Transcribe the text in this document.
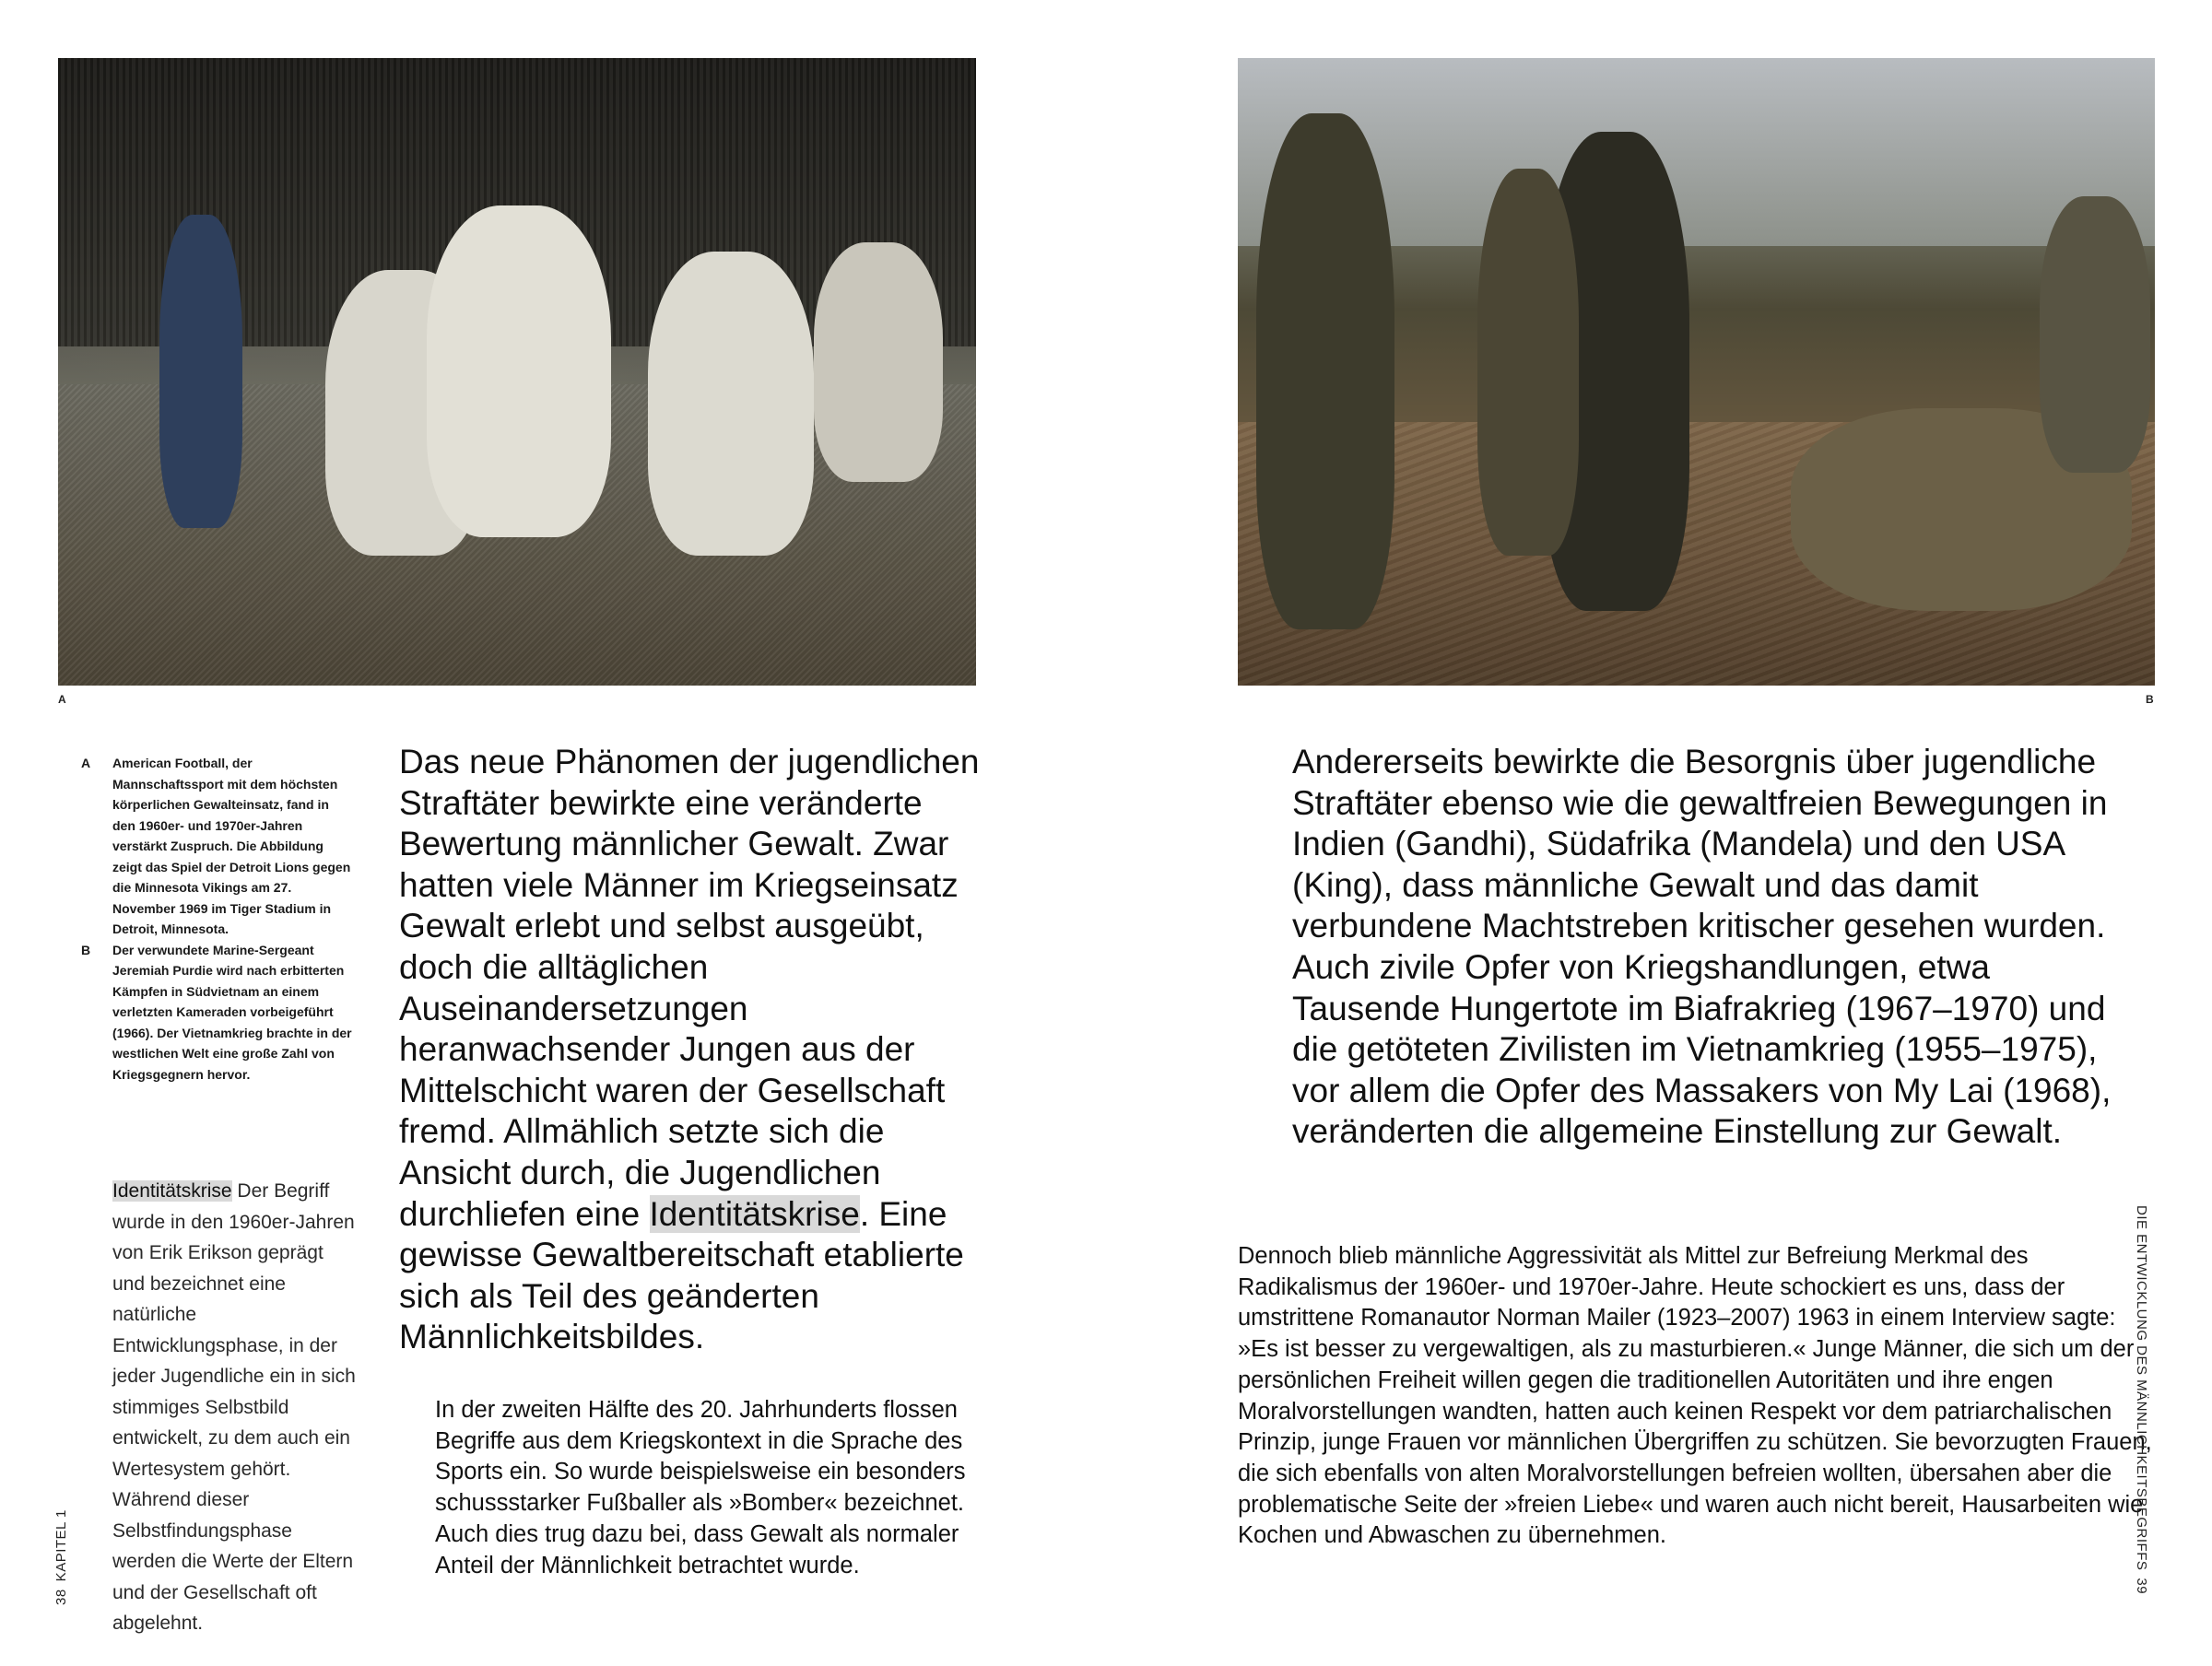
A	B

A	American Football, der Mannschaftssport mit dem höchsten körperlichen Gewalteinsatz, fand in den 1960er- und 1970er-Jahren verstärkt Zuspruch. Die Abbildung zeigt das Spiel der Detroit Lions gegen die Minnesota Vikings am 27. November 1969 im Tiger Stadium in Detroit, Minnesota.

B	Der verwundete Marine-Sergeant Jeremiah Purdie wird nach erbitterten Kämpfen in Südvietnam an einem verletzten Kameraden vorbeigeführt (1966). Der Vietnamkrieg brachte in der westlichen Welt eine große Zahl von Kriegsgegnern hervor.

Identitätskrise Der Begriff wurde in den 1960er-Jahren von Erik Erikson geprägt und bezeichnet eine natürliche Entwicklungsphase, in der jeder Jugendliche ein in sich stimmiges Selbstbild entwickelt, zu dem auch ein Wertesystem gehört. Während dieser Selbstfindungsphase werden die Werte der Eltern und der Gesellschaft oft abgelehnt.
Das neue Phänomen der jugendlichen Straftäter bewirkte eine veränderte Bewertung männlicher Gewalt. Zwar hatten viele Männer im Kriegseinsatz Gewalt erlebt und selbst ausgeübt, doch die alltäglichen Auseinandersetzungen heranwachsender Jungen aus der Mittelschicht waren der Gesellschaft fremd. Allmählich setzte sich die Ansicht durch, die Jugendlichen durchliefen eine Identitätskrise. Eine gewisse Gewaltbereitschaft etablierte sich als Teil des geänderten Männlichkeitsbildes.
In der zweiten Hälfte des 20. Jahrhunderts flossen Begriffe aus dem Kriegskontext in die Sprache des Sports ein. So wurde beispielsweise ein besonders schussstarker Fußballer als »Bomber« bezeichnet. Auch dies trug dazu bei, dass Gewalt als normaler Anteil der Männlichkeit betrachtet wurde.
Andererseits bewirkte die Besorgnis über jugendliche Straftäter ebenso wie die gewaltfreien Bewegungen in Indien (Gandhi), Südafrika (Mandela) und den USA (King), dass männliche Gewalt und das damit verbundene Machtstreben kritischer gesehen wurden. Auch zivile Opfer von Kriegshandlungen, etwa Tausende Hungertote im Biafrakrieg (1967–1970) und die getöteten Zivilisten im Vietnamkrieg (1955–1975), vor allem die Opfer des Massakers von My Lai (1968), veränderten die allgemeine Einstellung zur Gewalt.
Dennoch blieb männliche Aggressivität als Mittel zur Befreiung Merkmal des Radikalismus der 1960er- und 1970er-Jahre. Heute schockiert es uns, dass der umstrittene Romanautor Norman Mailer (1923–2007) 1963 in einem Interview sagte: »Es ist besser zu vergewaltigen, als zu masturbieren.« Junge Männer, die sich um der persönlichen Freiheit willen gegen die traditionellen Autoritäten und ihre engen Moralvorstellungen wandten, hatten auch keinen Respekt vor dem patriarchalischen Prinzip, junge Frauen vor männlichen Übergriffen zu schützen. Sie bevorzugten Frauen, die sich ebenfalls von alten Moralvorstellungen befreien wollten, übersahen aber die problematische Seite der »freien Liebe« und waren auch nicht bereit, Hausarbeiten wie Kochen und Abwaschen zu übernehmen.
38KAPITEL 1	DIE ENTWICKLUNG DES MÄNNLICHKEITSBEGRIFFS39
